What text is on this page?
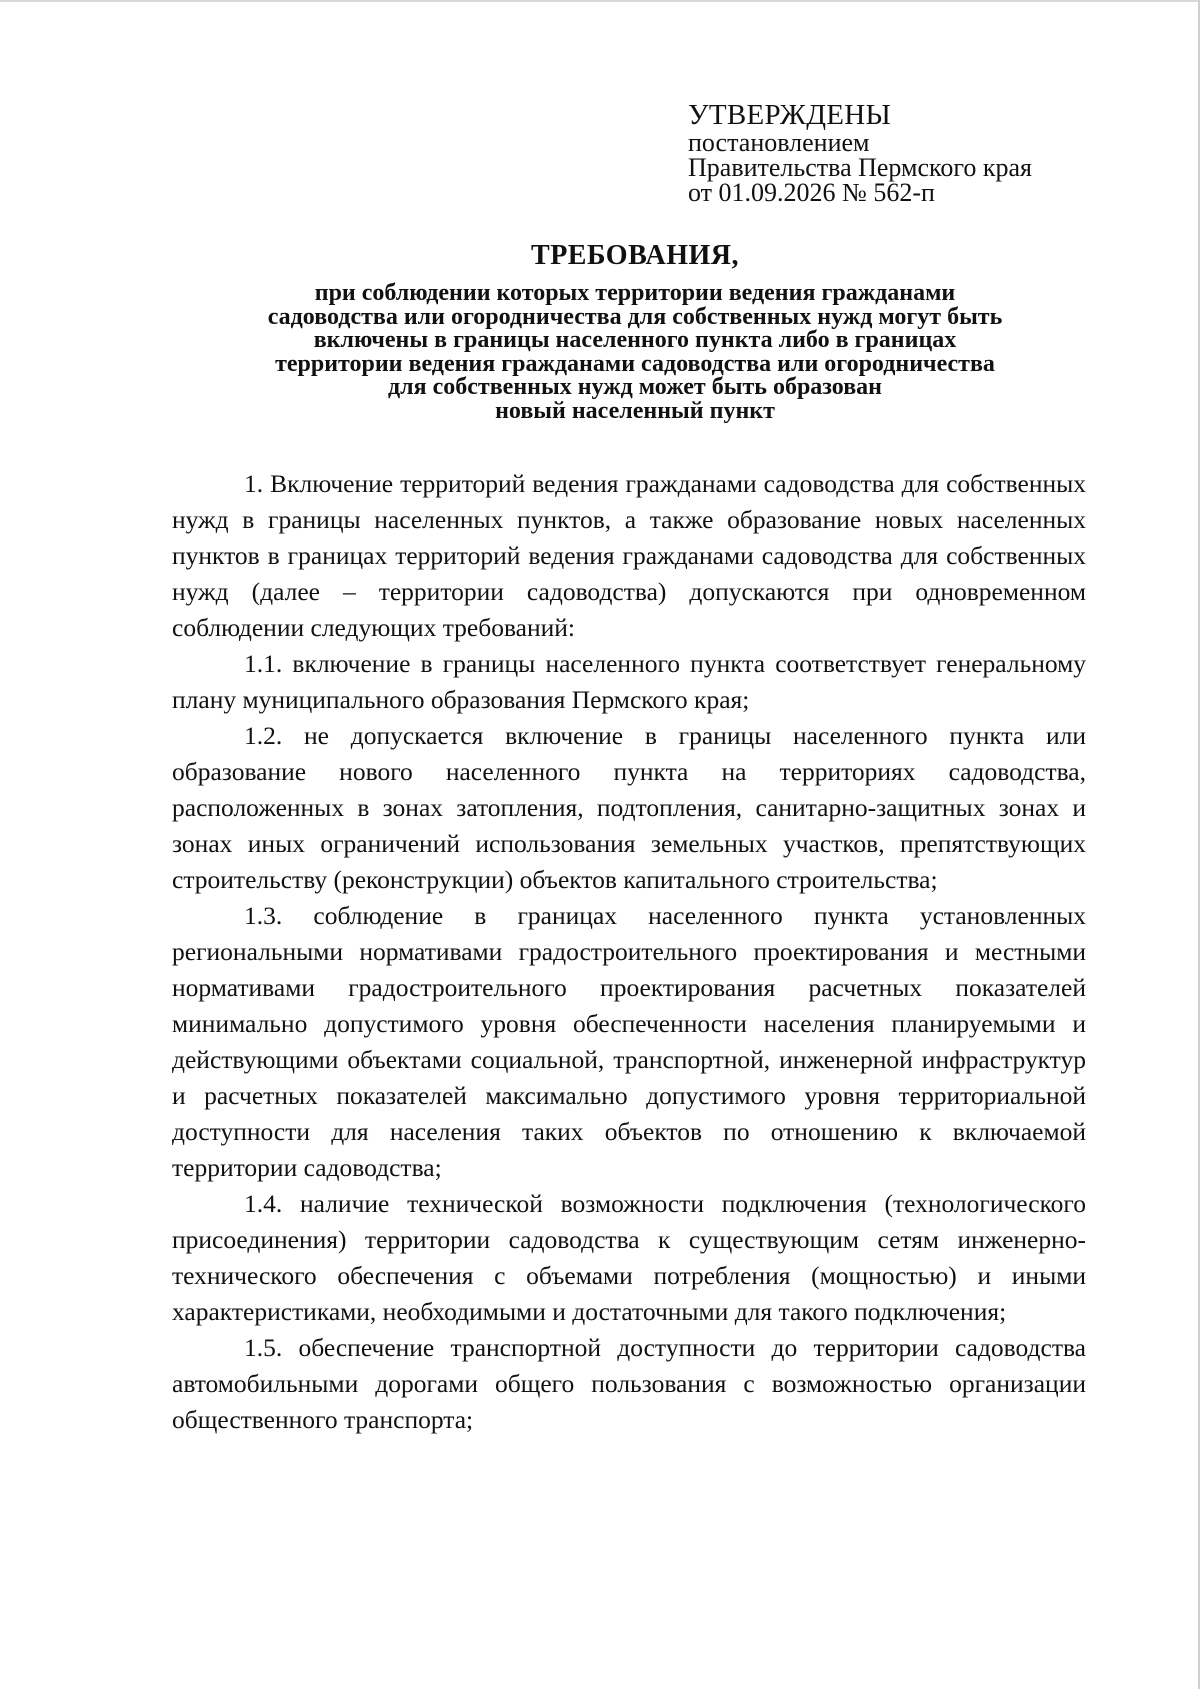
УТВЕРЖДЕНЫ
постановлением
Правительства Пермского края
от 01.09.2026 № 562-п
ТРЕБОВАНИЯ,
при соблюдении которых территории ведения гражданами
садоводства или огородничества для собственных нужд могут быть
включены в границы населенного пункта либо в границах
территории ведения гражданами садоводства или огородничества
для собственных нужд может быть образован
новый населенный пункт

1. Включение территорий ведения гражданами садоводства для собственных нужд в границы населенных пунктов, а также образование новых населенных пунктов в границах территорий ведения гражданами садоводства для собственных нужд (далее – территории садоводства) допускаются при одновременном соблюдении следующих требований:

1.1. включение в границы населенного пункта соответствует генеральному плану муниципального образования Пермского края;

1.2. не допускается включение в границы населенного пункта или образование нового населенного пункта на территориях садоводства, расположенных в зонах затопления, подтопления, санитарно-защитных зонах и зонах иных ограничений использования земельных участков, препятствующих строительству (реконструкции) объектов капитального строительства;

1.3. соблюдение в границах населенного пункта установленных региональными нормативами градостроительного проектирования и местными нормативами градостроительного проектирования расчетных показателей минимально допустимого уровня обеспеченности населения планируемыми и действующими объектами социальной, транспортной, инженерной инфраструктур и расчетных показателей максимально допустимого уровня территориальной доступности для населения таких объектов по отношению к включаемой территории садоводства;

1.4. наличие технической возможности подключения (технологического присоединения) территории садоводства к существующим сетям инженерно-технического обеспечения с объемами потребления (мощностью) и иными характеристиками, необходимыми и достаточными для такого подключения;

1.5. обеспечение транспортной доступности до территории садоводства автомобильными дорогами общего пользования с возможностью организации общественного транспорта;
